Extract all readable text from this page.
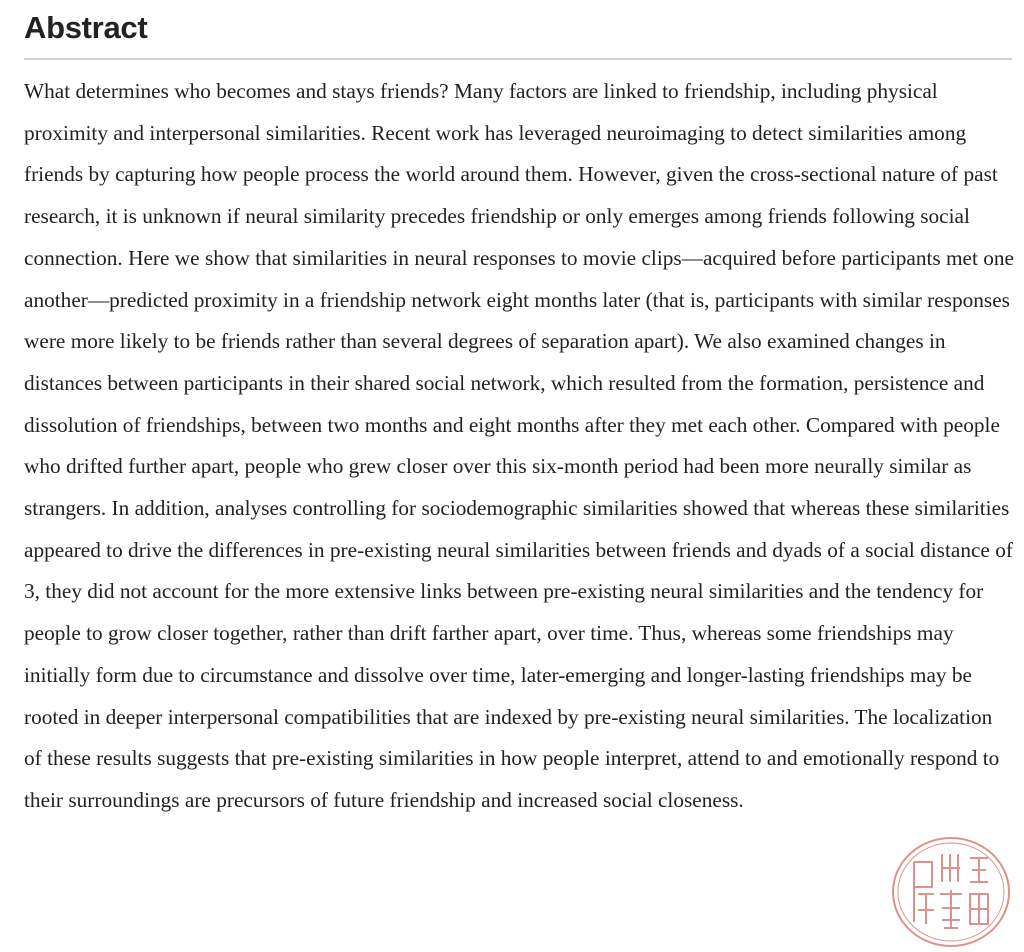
Abstract

What determines who becomes and stays friends? Many factors are linked to friendship, including physical proximity and interpersonal similarities. Recent work has leveraged neuroimaging to detect similarities among friends by capturing how people process the world around them. However, given the cross-sectional nature of past research, it is unknown if neural similarity precedes friendship or only emerges among friends following social connection. Here we show that similarities in neural responses to movie clips—acquired before participants met one another—predicted proximity in a friendship network eight months later (that is, participants with similar responses were more likely to be friends rather than several degrees of separation apart). We also examined changes in distances between participants in their shared social network, which resulted from the formation, persistence and dissolution of friendships, between two months and eight months after they met each other. Compared with people who drifted further apart, people who grew closer over this six-month period had been more neurally similar as strangers. In addition, analyses controlling for sociodemographic similarities showed that whereas these similarities appeared to drive the differences in pre-existing neural similarities between friends and dyads of a social distance of 3, they did not account for the more extensive links between pre-existing neural similarities and the tendency for people to grow closer together, rather than drift farther apart, over time. Thus, whereas some friendships may initially form due to circumstance and dissolve over time, later-emerging and longer-lasting friendships may be rooted in deeper interpersonal compatibilities that are indexed by pre-existing neural similarities. The localization of these results suggests that pre-existing similarities in how people interpret, attend to and emotionally respond to their surroundings are precursors of future friendship and increased social closeness.
